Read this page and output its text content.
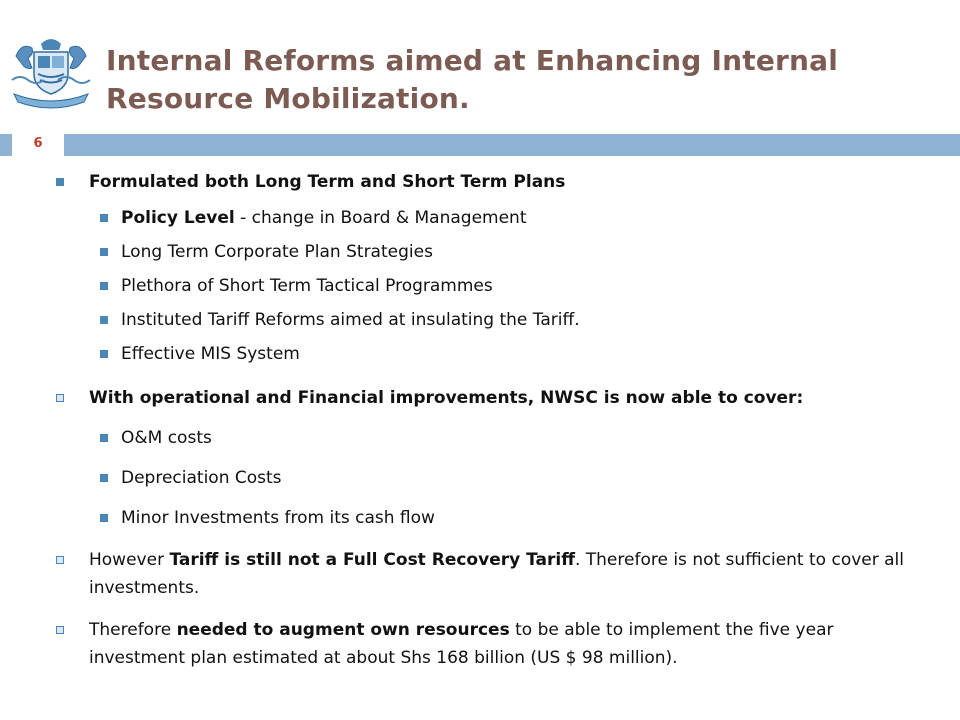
Internal Reforms aimed at Enhancing Internal
Resource Mobilization.
6
Formulated both Long Term and Short Term Plans
Policy Level - change in Board & Management
Long Term Corporate Plan Strategies
Plethora of Short Term Tactical Programmes
Instituted Tariff Reforms aimed at insulating the Tariff.
Effective MIS System
With operational and Financial improvements, NWSC is now able to cover:
O&M costs
Depreciation Costs
Minor Investments from its cash flow
However Tariff is still not a Full Cost Recovery Tariff. Therefore is not sufficient to cover all investments.
Therefore needed to augment own resources to be able to implement the five year investment plan estimated at about Shs 168 billion (US $ 98 million).
